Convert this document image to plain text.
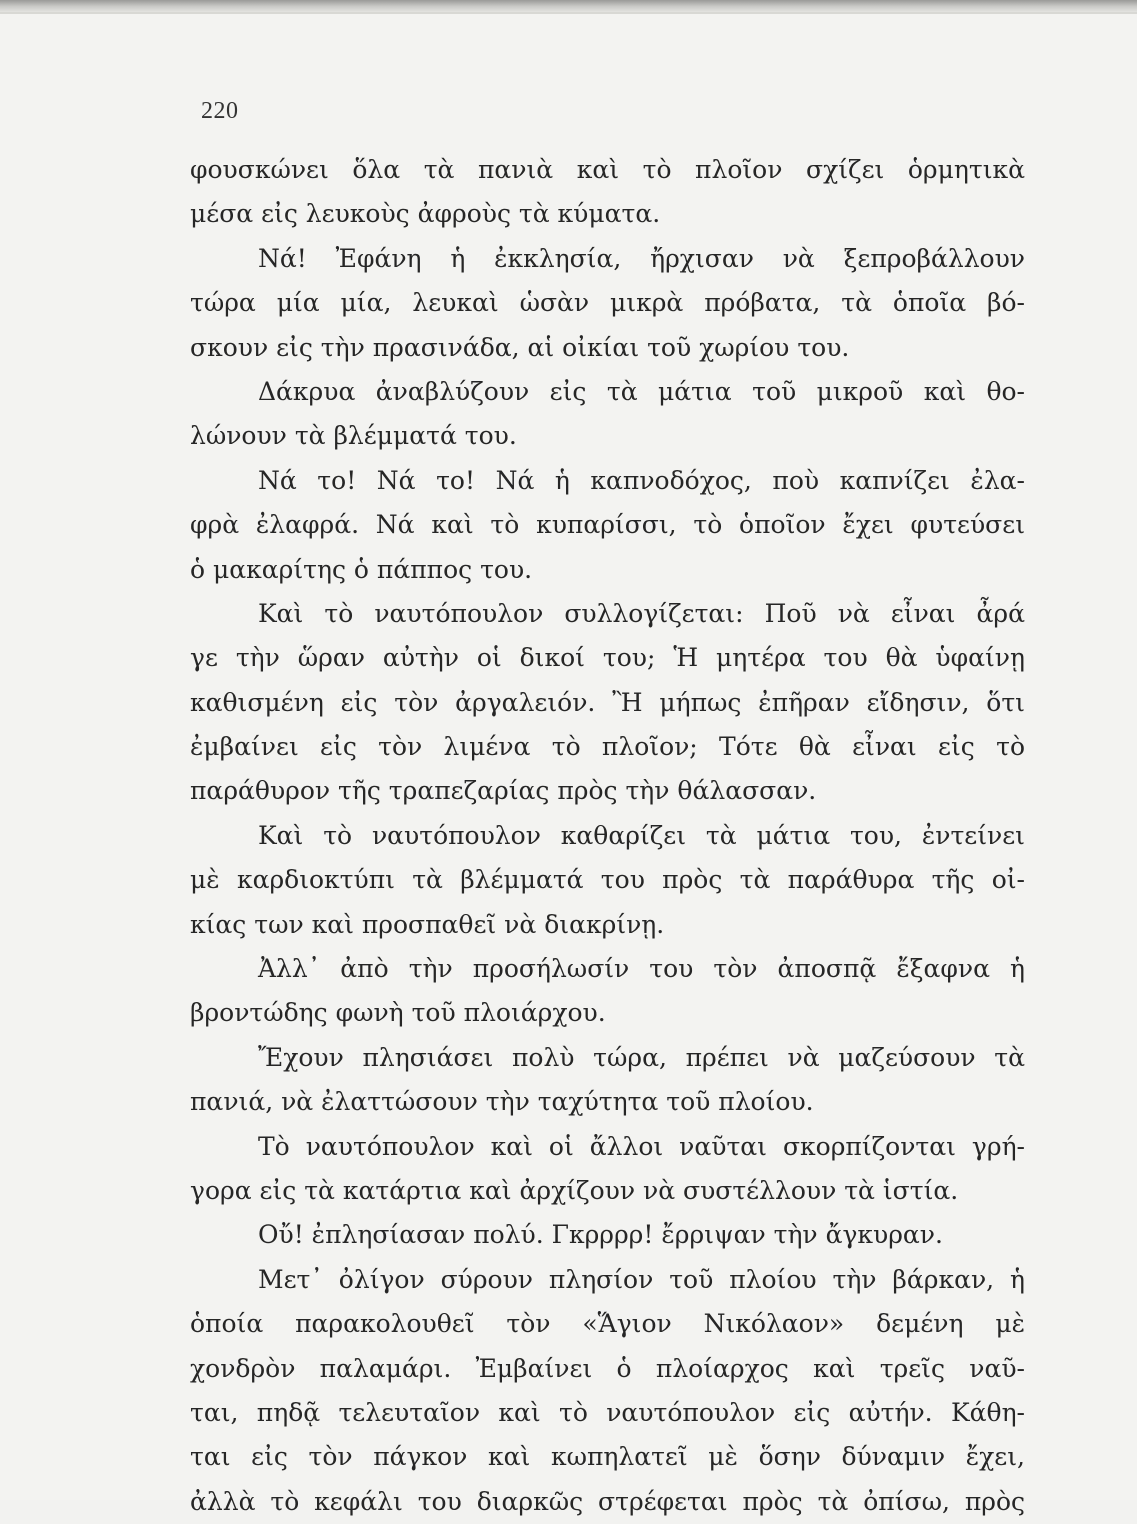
220
φουσκώνει ὅλα τὰ πανιὰ καὶ τὸ πλοῖον σχίζει ὁρμητικὰ
μέσα εἰς λευκοὺς ἀφροὺς τὰ κύματα.
Νά! Ἐφάνη ἡ ἐκκλησία, ἤρχισαν νὰ ξεπροβάλλουν
τώρα μία μία, λευκαὶ ὡσὰν μικρὰ πρόβατα, τὰ ὁποῖα βό-
σκουν εἰς τὴν πρασινάδα, αἱ οἰκίαι τοῦ χωρίου του.
Δάκρυα ἀναβλύζουν εἰς τὰ μάτια τοῦ μικροῦ καὶ θο-
λώνουν τὰ βλέμματά του.
Νά το! Νά το! Νά ἡ καπνοδόχος, ποὺ καπνίζει ἐλα-
φρὰ ἐλαφρά. Νά καὶ τὸ κυπαρίσσι, τὸ ὁποῖον ἔχει φυτεύσει
ὁ μακαρίτης ὁ πάππος του.
Καὶ τὸ ναυτόπουλον συλλογίζεται: Ποῦ νὰ εἶναι ἆρά
γε τὴν ὥραν αὐτὴν οἱ δικοί του; Ἡ μητέρα του θὰ ὑφαίνῃ
καθισμένη εἰς τὸν ἀργαλειόν. Ἢ μήπως ἐπῆραν εἴδησιν, ὅτι
ἐμβαίνει εἰς τὸν λιμένα τὸ πλοῖον; Τότε θὰ εἶναι εἰς τὸ
παράθυρον τῆς τραπεζαρίας πρὸς τὴν θάλασσαν.
Καὶ τὸ ναυτόπουλον καθαρίζει τὰ μάτια του, ἐντείνει
μὲ καρδιοκτύπι τὰ βλέμματά του πρὸς τὰ παράθυρα τῆς οἰ-
κίας των καὶ προσπαθεῖ νὰ διακρίνῃ.
Ἀλλ᾽ ἀπὸ τὴν προσήλωσίν του τὸν ἀποσπᾷ ἔξαφνα ἡ
βροντώδης φωνὴ τοῦ πλοιάρχου.
Ἔχουν πλησιάσει πολὺ τώρα, πρέπει νὰ μαζεύσουν τὰ
πανιά, νὰ ἐλαττώσουν τὴν ταχύτητα τοῦ πλοίου.
Τὸ ναυτόπουλον καὶ οἱ ἄλλοι ναῦται σκορπίζονται γρή-
γορα εἰς τὰ κατάρτια καὶ ἀρχίζουν νὰ συστέλλουν τὰ ἱστία.
Οὔ! ἐπλησίασαν πολύ. Γκρρρρ! ἔρριψαν τὴν ἄγκυραν.
Μετ᾽ ὀλίγον σύρουν πλησίον τοῦ πλοίου τὴν βάρκαν, ἡ
ὁποία παρακολουθεῖ τὸν «Ἅγιον Νικόλαον» δεμένη μὲ
χονδρὸν παλαμάρι. Ἐμβαίνει ὁ πλοίαρχος καὶ τρεῖς ναῦ-
ται, πηδᾷ τελευταῖον καὶ τὸ ναυτόπουλον εἰς αὐτήν. Κάθη-
ται εἰς τὸν πάγκον καὶ κωπηλατεῖ μὲ ὅσην δύναμιν ἔχει,
ἀλλὰ τὸ κεφάλι του διαρκῶς στρέφεται πρὸς τὰ ὀπίσω, πρὸς
